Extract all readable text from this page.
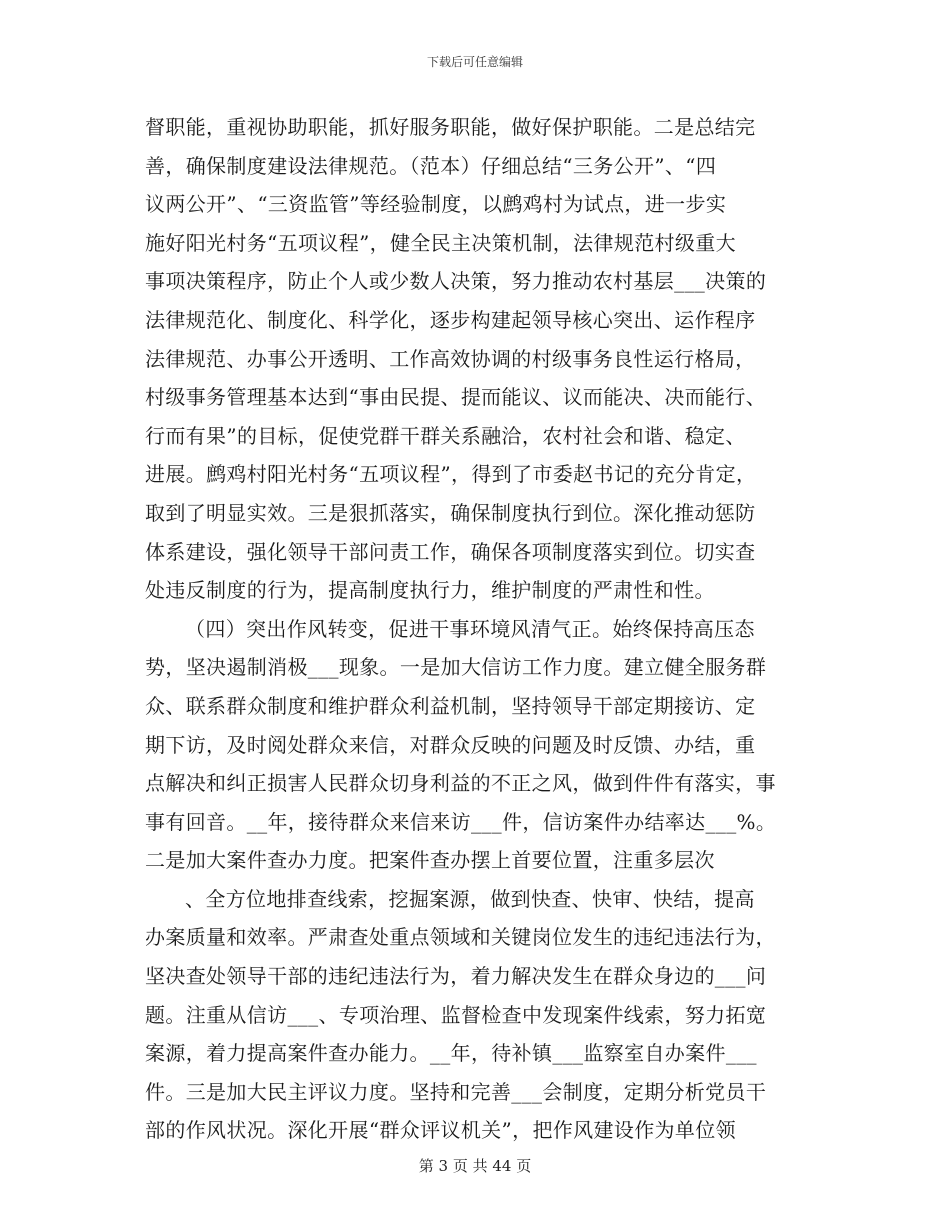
下载后可任意编辑
督职能，重视协助职能，抓好服务职能，做好保护职能。二是总结完
善，确保制度建设法律规范。（范本）仔细总结“三务公开”、“四
议两公开”、“三资监管”等经验制度，以鹧鸡村为试点，进一步实
施好阳光村务“五项议程”，健全民主决策机制，法律规范村级重大
事项决策程序，防止个人或少数人决策，努力推动农村基层___决策的
法律规范化、制度化、科学化，逐步构建起领导核心突出、运作程序
法律规范、办事公开透明、工作高效协调的村级事务良性运行格局，
村级事务管理基本达到“事由民提、提而能议、议而能决、决而能行、
行而有果”的目标，促使党群干群关系融洽，农村社会和谐、稳定、
进展。鹧鸡村阳光村务“五项议程”，得到了市委赵书记的充分肯定，
取到了明显实效。三是狠抓落实，确保制度执行到位。深化推动惩防
体系建设，强化领导干部问责工作，确保各项制度落实到位。切实查
处违反制度的行为，提高制度执行力，维护制度的严肃性和性。
（四）突出作风转变，促进干事环境风清气正。始终保持高压态
势，坚决遏制消极___现象。一是加大信访工作力度。建立健全服务群
众、联系群众制度和维护群众利益机制，坚持领导干部定期接访、定
期下访，及时阅处群众来信，对群众反映的问题及时反馈、办结，重
点解决和纠正损害人民群众切身利益的不正之风，做到件件有落实，事
事有回音。__年，接待群众来信来访___件，信访案件办结率达___%。
二是加大案件查办力度。把案件查办摆上首要位置，注重多层次
、全方位地排查线索，挖掘案源，做到快查、快审、快结，提高
办案质量和效率。严肃查处重点领域和关键岗位发生的违纪违法行为，
坚决查处领导干部的违纪违法行为，着力解决发生在群众身边的___问
题。注重从信访___、专项治理、监督检查中发现案件线索，努力拓宽
案源，着力提高案件查办能力。__年，待补镇___监察室自办案件___
件。三是加大民主评议力度。坚持和完善___会制度，定期分析党员干
部的作风状况。深化开展“群众评议机关”，把作风建设作为单位领
第 3 页 共 44 页
